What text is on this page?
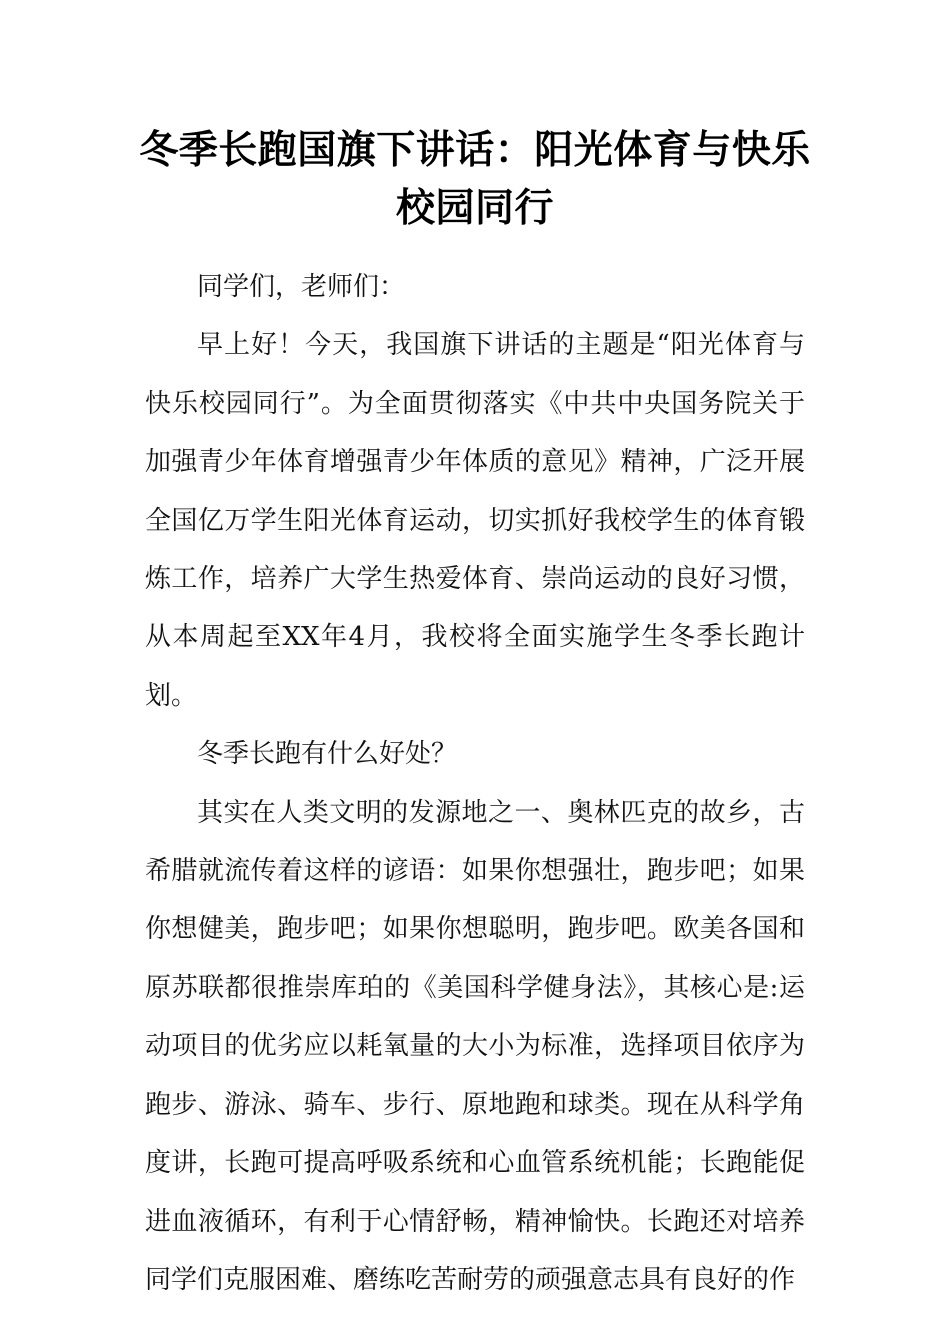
冬季长跑国旗下讲话：阳光体育与快乐校园同行

同学们，老师们：

早上好！今天，我国旗下讲话的主题是“阳光体育与快乐校园同行”。为全面贯彻落实《中共中央国务院关于加强青少年体育增强青少年体质的意见》精神，广泛开展全国亿万学生阳光体育运动，切实抓好我校学生的体育锻炼工作，培养广大学生热爱体育、崇尚运动的良好习惯，从本周起至XX年4月，我校将全面实施学生冬季长跑计划。

冬季长跑有什么好处？

其实在人类文明的发源地之一、奥林匹克的故乡，古希腊就流传着这样的谚语：如果你想强壮，跑步吧；如果你想健美，跑步吧；如果你想聪明，跑步吧。欧美各国和原苏联都很推崇库珀的《美国科学健身法》，其核心是:运动项目的优劣应以耗氧量的大小为标准，选择项目依序为跑步、游泳、骑车、步行、原地跑和球类。现在从科学角度讲，长跑可提高呼吸系统和心血管系统机能；长跑能促进血液循环，有利于心情舒畅，精神愉快。长跑还对培养同学们克服困难、磨练吃苦耐劳的顽强意志具有良好的作
